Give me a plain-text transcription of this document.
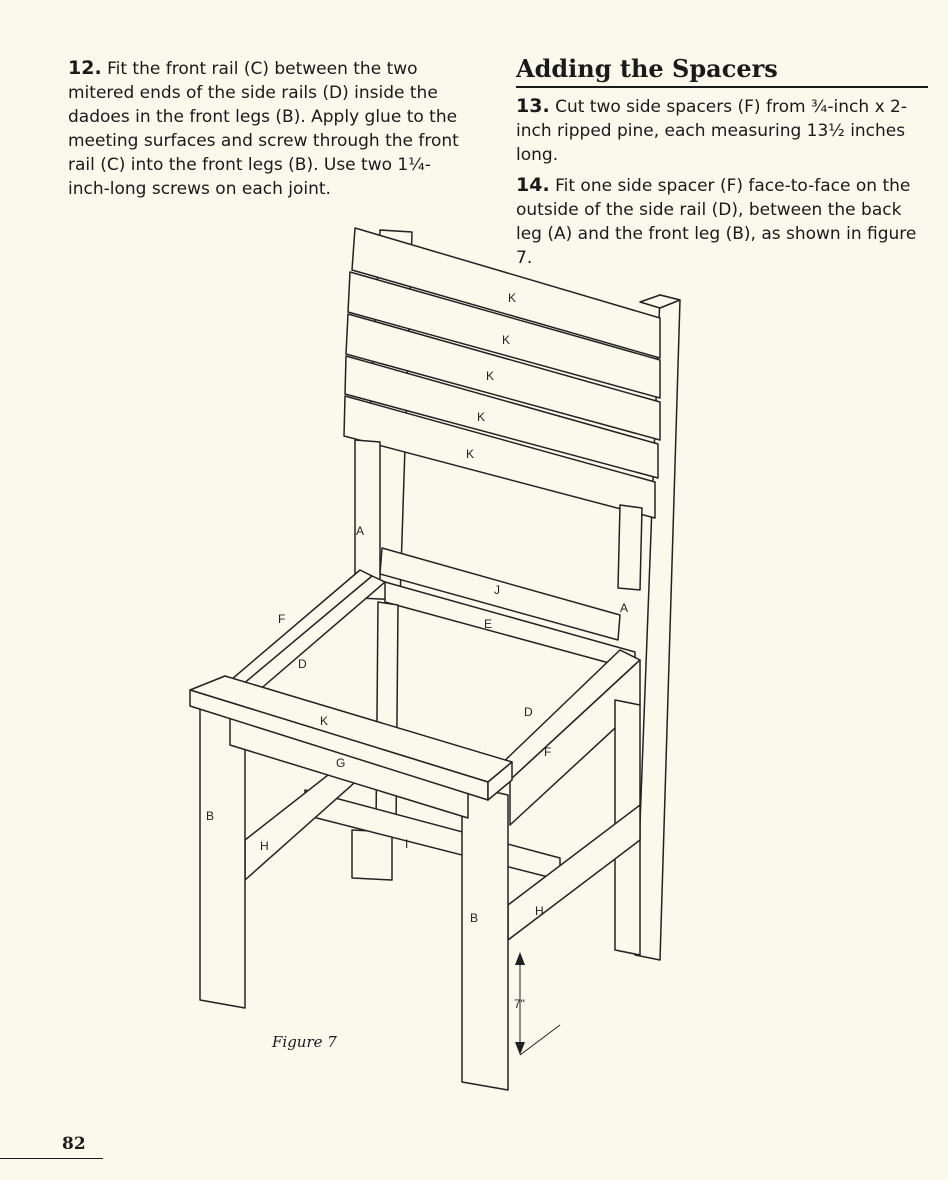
12. Fit the front rail (C) between the two mitered ends of the side rails (D) inside the dadoes in the front legs (B). Apply glue to the meeting surfaces and screw through the front rail (C) into the front legs (B). Use two 1¼-inch-long screws on each joint.

Adding the Spacers

13. Cut two side spacers (F) from ¾-inch x 2-inch ripped pine, each measuring 13½ inches long.

14. Fit one side spacer (F) face-to-face on the outside of the side rail (D), between the back leg (A) and the front leg (B), as shown in figure 7.

K
K
K
K
K
A
A
J
E
F
F
D
D
K
G
I
B
B
H
H
7"
Figure 7
82
